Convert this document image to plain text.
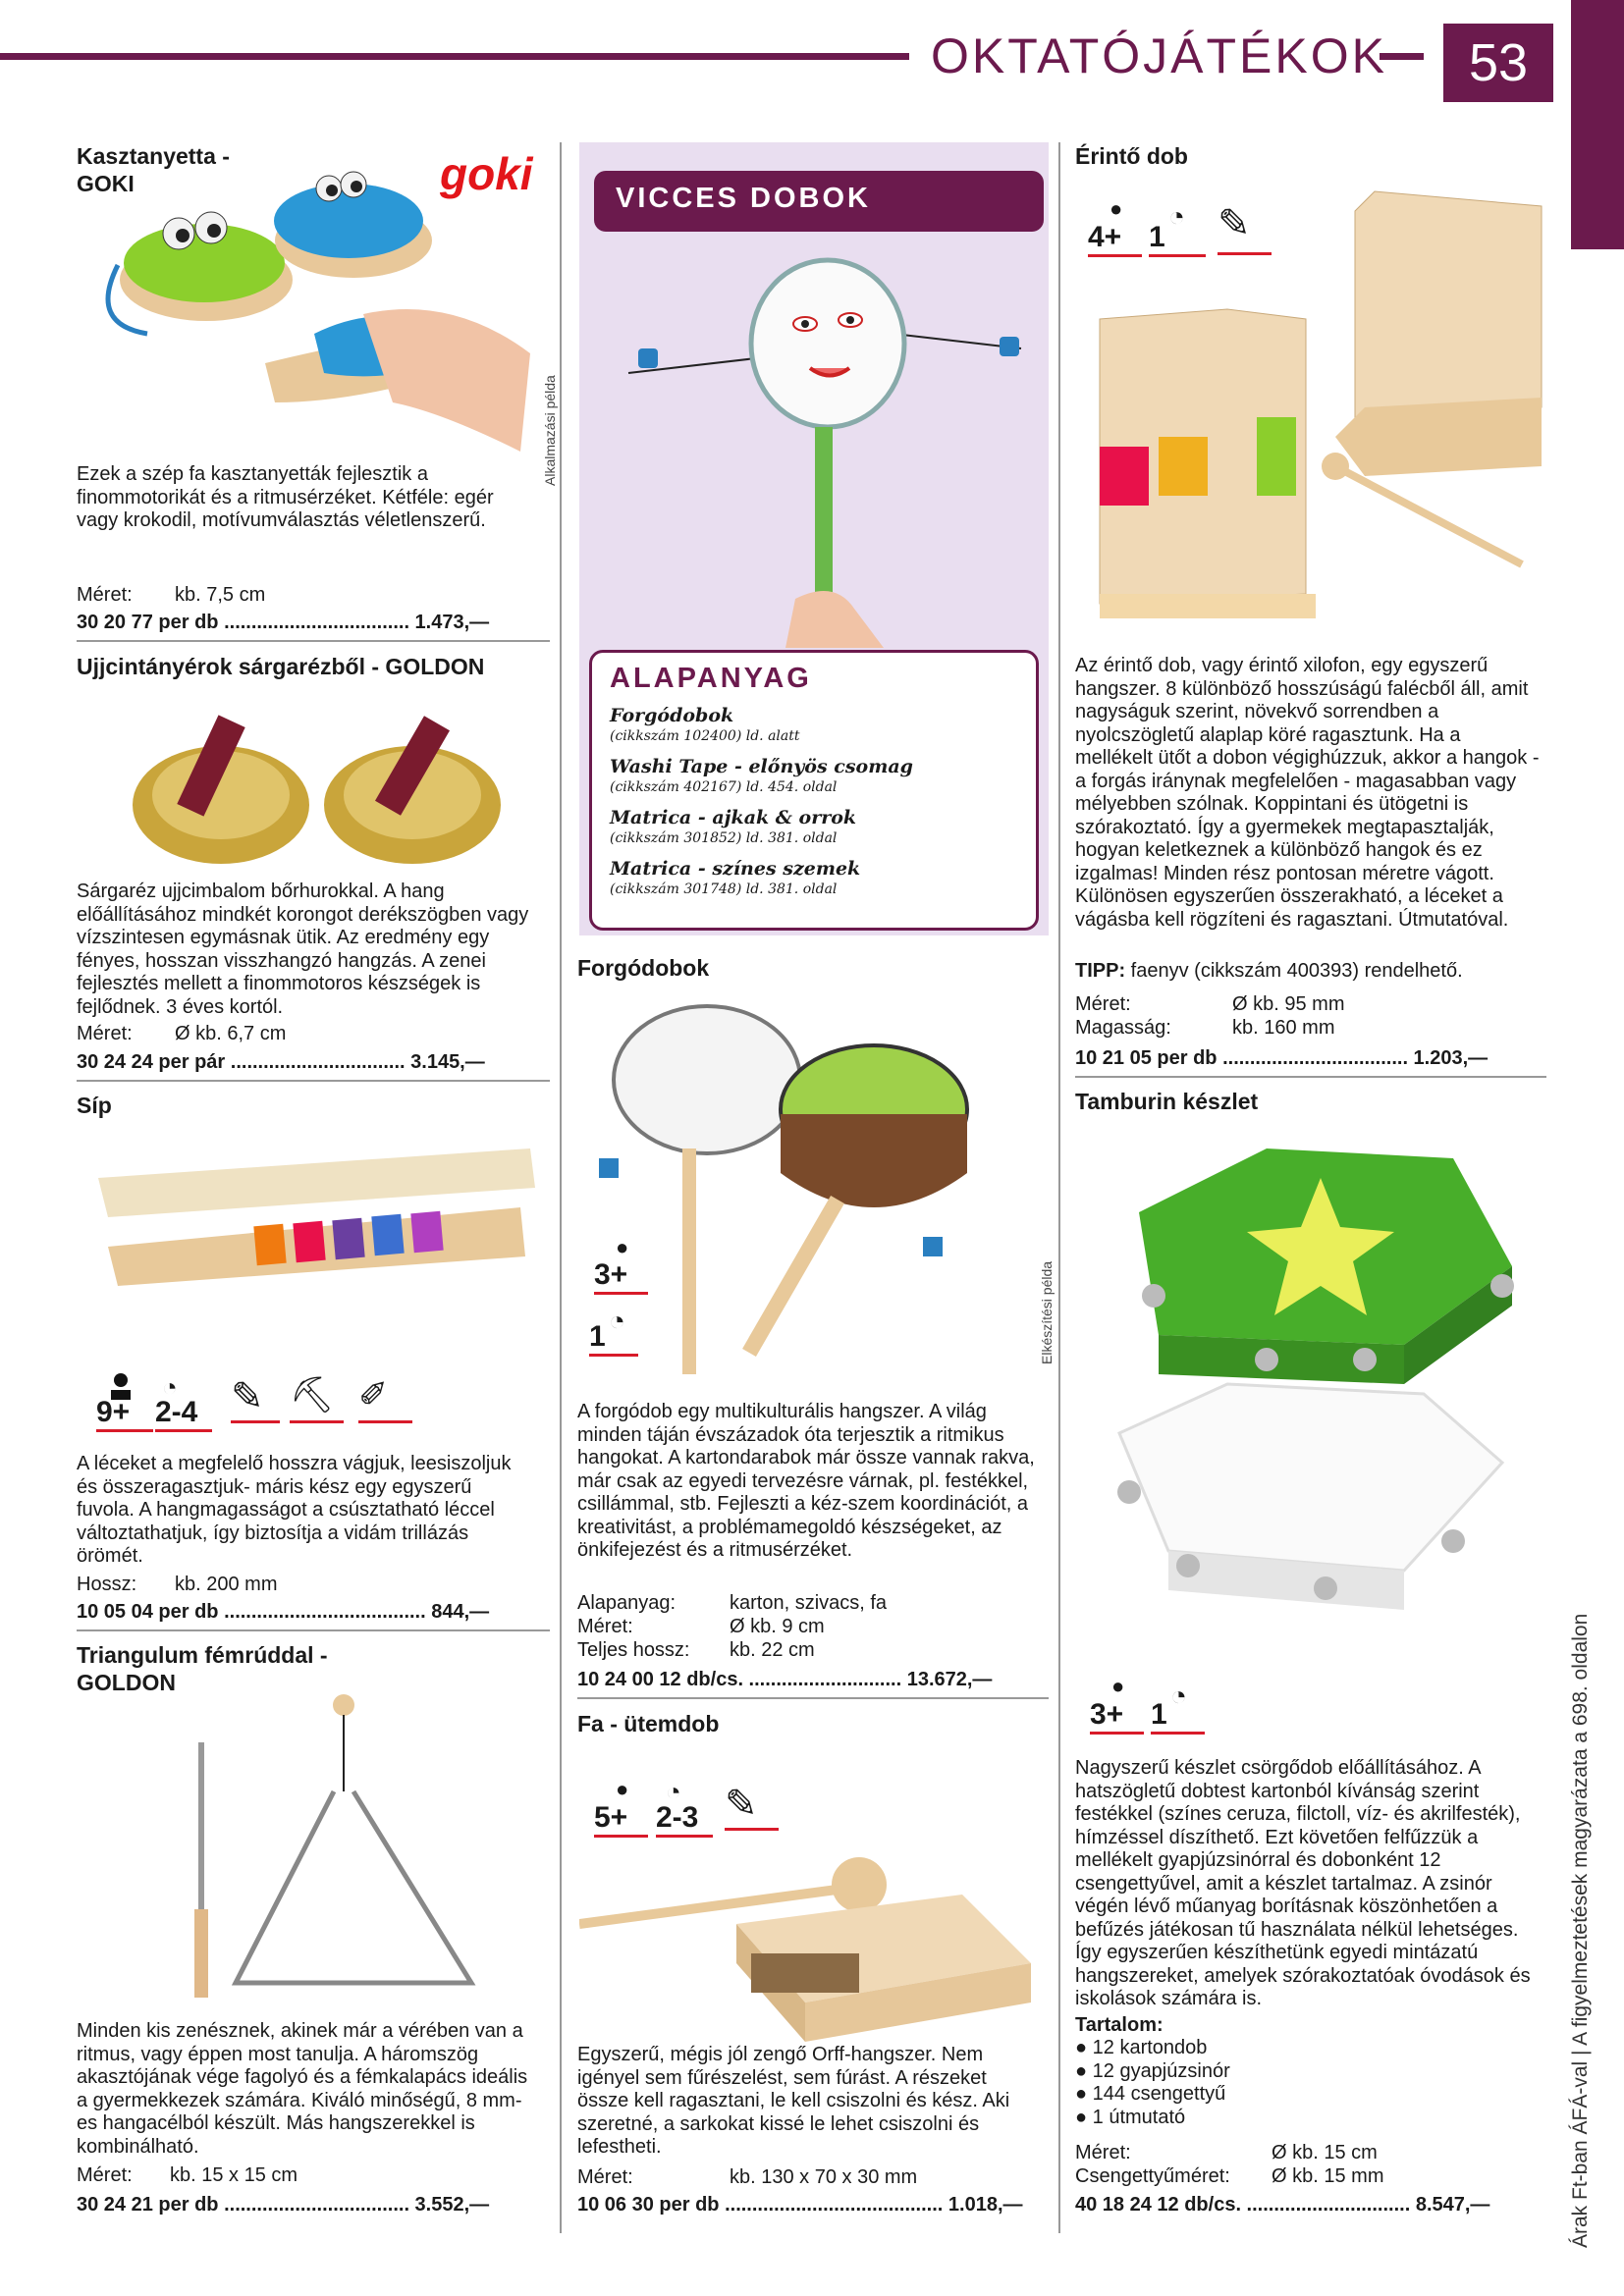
OKTATÓJÁTÉKOK	53
Árak Ft-ban ÁFÁ-val | A figyelmeztetések magyarázata a 698. oldalon
Kasztanyetta - GOKI	goki
Alkalmazási példa
Ezek a szép fa kasztanyetták fejlesztik a finommotorikát és a ritmusérzéket. Kétféle: egér vagy krokodil, motívumválasztás véletlenszerű.
Méret: kb. 7,5 cm
30 20 77 per db .................................. 1.473,—
Ujjcintányérok sárgarézből - GOLDON
Sárgaréz ujjcimbalom bőrhurokkal. A hang előállításához mindkét korongot derékszögben vagy vízszintesen egymásnak ütik. Az eredmény egy fényes, hosszan visszhangzó hangzás. A zenei fejlesztés mellett a finommotoros készségek is fejlődnek. 3 éves kortól.
Méret: Ø kb. 6,7 cm
30 24 24 per pár ................................ 3.145,—
Síp
9+ 2-4
◔ ✎ ⛏ ✐
A léceket a megfelelő hosszra vágjuk, leesiszoljuk és összeragasztjuk- máris kész egy egyszerű fuvola. A hangmagasságot a csúsztatható léccel változtathatjuk, így biztosítja a vidám trillázás örömét.
Hossz: kb. 200 mm
10 05 04 per db ..................................... 844,—
Triangulum fémrúddal - GOLDON
Minden kis zenésznek, akinek már a vérében van a ritmus, vagy éppen most tanulja. A háromszög akasztójának vége fagolyó és a fémkalapács ideális a gyermekkezek számára. Kiváló minőségű, 8 mm-es hangacélból készült. Más hangszerekkel is kombinálható.
Méret: kb. 15 x 15 cm
30 24 21 per db .................................. 3.552,—
VICCES DOBOK
ALAPANYAG
Forgódobok
(cikkszám 102400) ld. alatt
Washi Tape - előnyös csomag
(cikkszám 402167) ld. 454. oldal
Matrica - ajkak & orrok
(cikkszám 301852) ld. 381. oldal
Matrica - színes szemek
(cikkszám 301748) ld. 381. oldal
Forgódobok
Elkészítési példa
3+
●
1 ◔
A forgódob egy multikulturális hangszer. A világ minden táján évszázadok óta terjesztik a ritmikus hangokat. A kartondarabok már össze vannak rakva, már csak az egyedi tervezésre várnak, pl. festékkel, csillámmal, stb. Fejleszti a kéz-szem koordinációt, a kreativitást, a problémamegoldó készségeket, az önkifejezést és a ritmusérzéket.
Alapanyag:	karton, szivacs, fa
Méret:	Ø kb. 9 cm
Teljes hossz: kb. 22 cm
10 24 00 12 db/cs. ............................ 13.672,—
Fa - ütemdob
5+
●
2-3
◔ ✎
Egyszerű, mégis jól zengő Orff-hangszer. Nem igényel sem fűrészelést, sem fúrást. A részeket össze kell ragasztani, le kell csiszolni és kész. Aki szeretné, a sarkokat kissé le lehet csiszolni és lefestheti.
Méret:	kb. 130 x 70 x 30 mm
10 06 30 per db ........................................ 1.018,—
Érintő dob
4+
●
1
◔ ✎
Az érintő dob, vagy érintő xilofon, egy egyszerű hangszer. 8 különböző hosszúságú falécből áll, amit nagyságuk szerint, növekvő sorrendben a nyolcszögletű alaplap köré ragasztunk. Ha a mellékelt ütőt a dobon végighúzzuk, akkor a hangok - a forgás iránynak megfelelően - magasabban vagy mélyebben szólnak. Koppintani és ütögetni is szórakoztató. Így a gyermekek megtapasztalják, hogyan keletkeznek a különböző hangok és ez izgalmas! Minden rész pontosan méretre vágott. Különösen egyszerűen összerakható, a léceket a vágásba kell rögzíteni és ragasztani. Útmutatóval.
TIPP: faenyv (cikkszám 400393) rendelhető.
Méret:	Ø kb. 95 mm
Magasság:	kb. 160 mm
10 21 05 per db .................................. 1.203,—
Tamburin készlet
3+
●
1
◔
Nagyszerű készlet csörgődob előállításához. A hatszögletű dobtest kartonból kívánság szerint festékkel (színes ceruza, filctoll, víz- és akrilfesték), hímzéssel díszíthető. Ezt követően felfűzzük a mellékelt gyapjúzsinórral és dobonként 12 csengettyűvel, amit a készlet tartalmaz. A zsinór végén lévő műanyag borításnak köszönhetően a befűzés játékosan tű használata nélkül lehetséges. Így egyszerűen készíthetünk egyedi mintázatú hangszereket, amelyek szórakoztatóak óvodások és iskolások számára is.
Tartalom:
● 12 kartondob
● 12 gyapjúzsinór
● 144 csengettyű
● 1 útmutató
Méret:	Ø kb. 15 cm
Csengettyűméret: Ø kb. 15 mm
40 18 24 12 db/cs. .............................. 8.547,—
